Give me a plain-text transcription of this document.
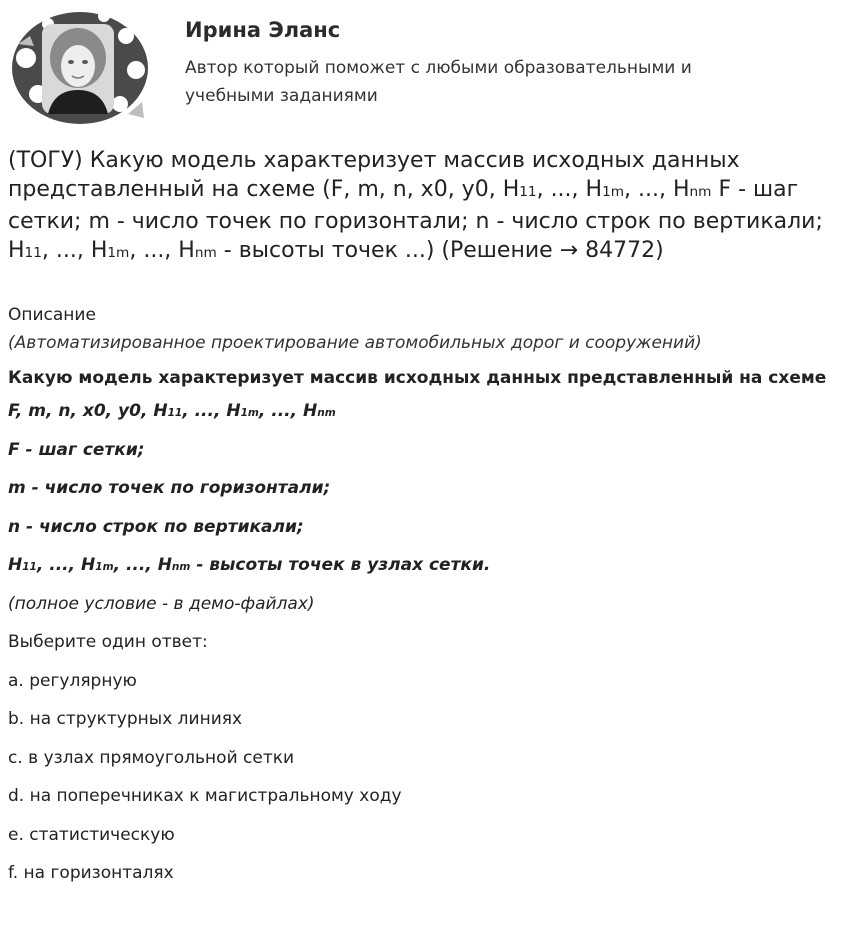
Ирина Эланс
Автор который поможет с любыми образовательными и учебными заданиями
(ТОГУ) Какую модель характеризует массив исходных данных представленный на схеме (F, m, n, x0, y0, H11, ..., H1m, ..., Hnm F - шаг сетки; m - число точек по горизонтали; n - число строк по вертикали; H11, ..., H1m, ..., Hnm - высоты точек ...) (Решение → 84772)

Описание

(Автоматизированное проектирование автомобильных дорог и сооружений)

Какую модель характеризует массив исходных данных представленный на схеме

F, m, n, x0, y0, H11, ..., H1m, ..., Hnm

F - шаг сетки;

m - число точек по горизонтали;

n - число строк по вертикали;

H11, ..., H1m, ..., Hnm - высоты точек в узлах сетки.

(полное условие - в демо-файлах)

Выберите один ответ:

a. регулярную

b. на структурных линиях

c. в узлах прямоугольной сетки

d. на поперечниках к магистральному ходу

e. статистическую

f. на горизонталях
